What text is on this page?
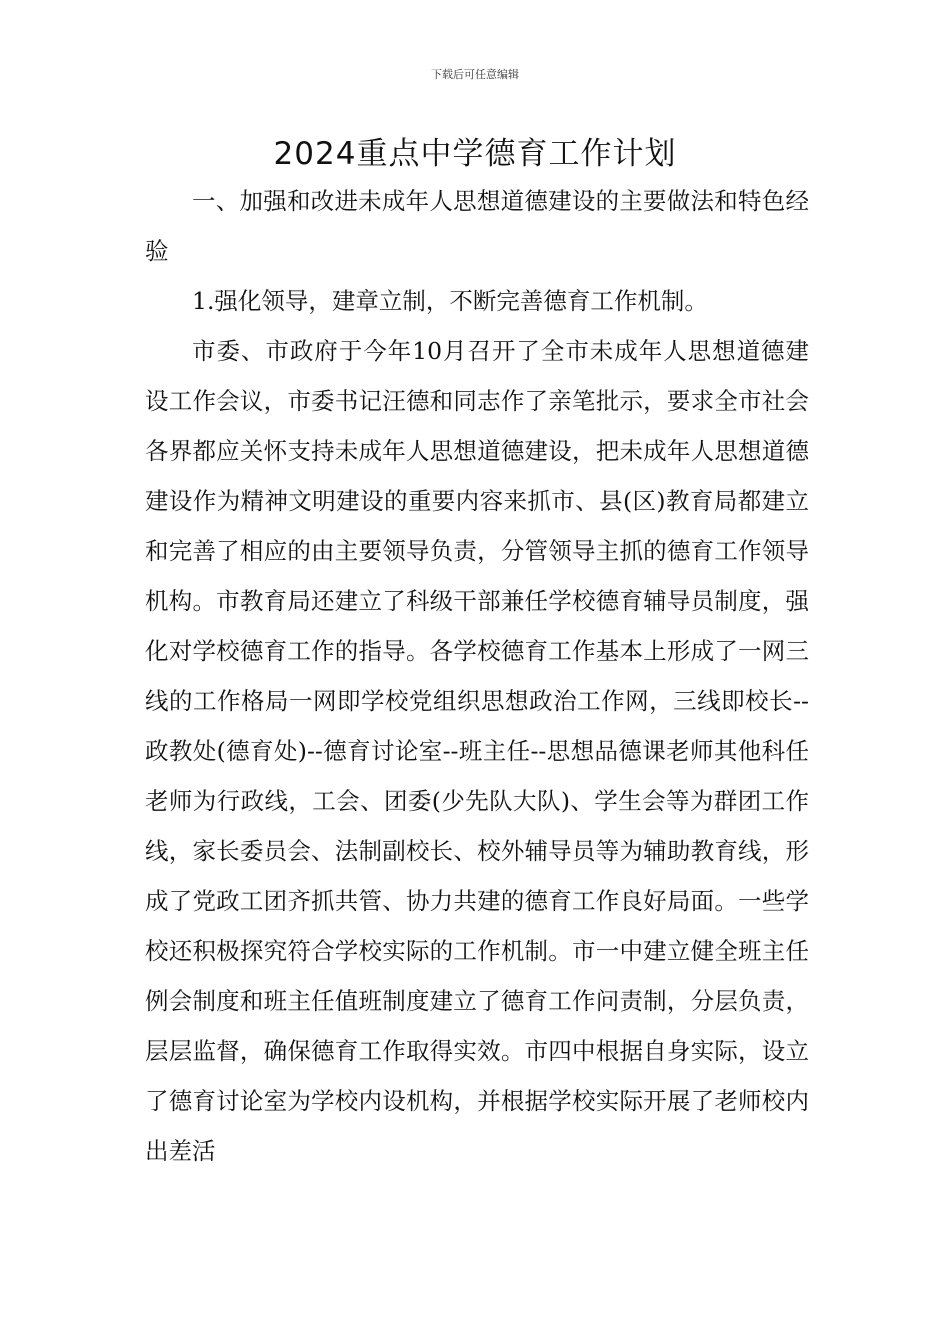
下载后可任意编辑
2024重点中学德育工作计划

一、加强和改进未成年人思想道德建设的主要做法和特色经验

1.强化领导，建章立制，不断完善德育工作机制。

市委、市政府于今年10月召开了全市未成年人思想道德建设工作会议，市委书记汪德和同志作了亲笔批示，要求全市社会各界都应关怀支持未成年人思想道德建设，把未成年人思想道德建设作为精神文明建设的重要内容来抓市、县(区)教育局都建立和完善了相应的由主要领导负责，分管领导主抓的德育工作领导机构。市教育局还建立了科级干部兼任学校德育辅导员制度，强化对学校德育工作的指导。各学校德育工作基本上形成了一网三线的工作格局一网即学校党组织思想政治工作网，三线即校长--政教处(德育处)--德育讨论室--班主任--思想品德课老师其他科任老师为行政线，工会、团委(少先队大队)、学生会等为群团工作线，家长委员会、法制副校长、校外辅导员等为辅助教育线，形成了党政工团齐抓共管、协力共建的德育工作良好局面。一些学校还积极探究符合学校实际的工作机制。市一中建立健全班主任例会制度和班主任值班制度建立了德育工作问责制，分层负责，层层监督，确保德育工作取得实效。市四中根据自身实际，设立了德育讨论室为学校内设机构，并根据学校实际开展了老师校内出差活
